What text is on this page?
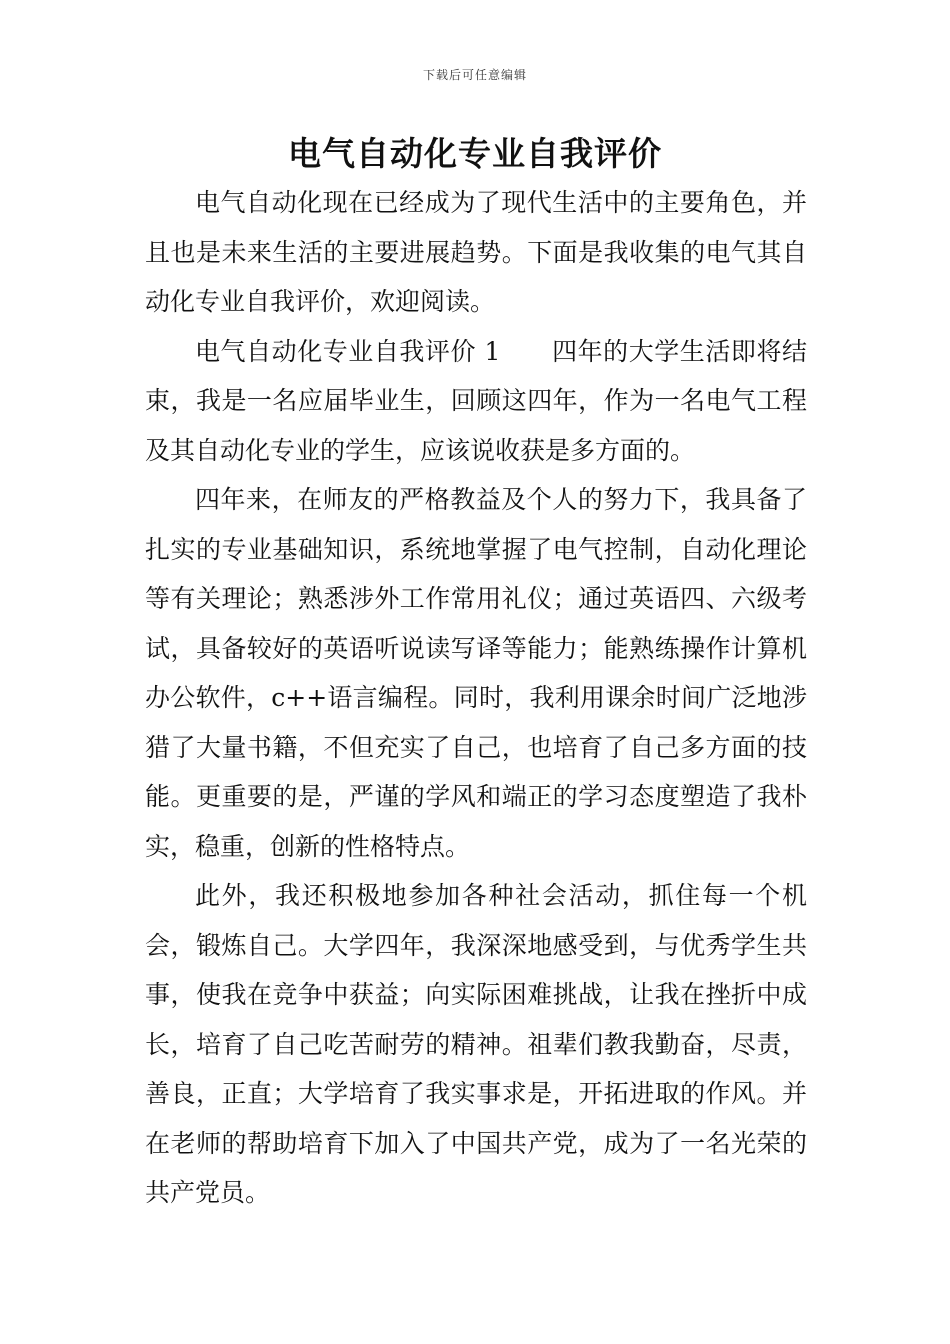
下载后可任意编辑
电气自动化专业自我评价

电气自动化现在已经成为了现代生活中的主要角色，并且也是未来生活的主要进展趋势。下面是我收集的电气其自动化专业自我评价，欢迎阅读。

电气自动化专业自我评价 1　　四年的大学生活即将结束，我是一名应届毕业生，回顾这四年，作为一名电气工程及其自动化专业的学生，应该说收获是多方面的。

四年来，在师友的严格教益及个人的努力下，我具备了扎实的专业基础知识，系统地掌握了电气控制，自动化理论等有关理论；熟悉涉外工作常用礼仪；通过英语四、六级考试，具备较好的英语听说读写译等能力；能熟练操作计算机办公软件，c++语言编程。同时，我利用课余时间广泛地涉猎了大量书籍，不但充实了自己，也培育了自己多方面的技能。更重要的是，严谨的学风和端正的学习态度塑造了我朴实，稳重，创新的性格特点。

此外，我还积极地参加各种社会活动，抓住每一个机会，锻炼自己。大学四年，我深深地感受到，与优秀学生共事，使我在竞争中获益；向实际困难挑战，让我在挫折中成长，培育了自己吃苦耐劳的精神。祖辈们教我勤奋，尽责，善良，正直；大学培育了我实事求是，开拓进取的作风。并在老师的帮助培育下加入了中国共产党，成为了一名光荣的共产党员。
